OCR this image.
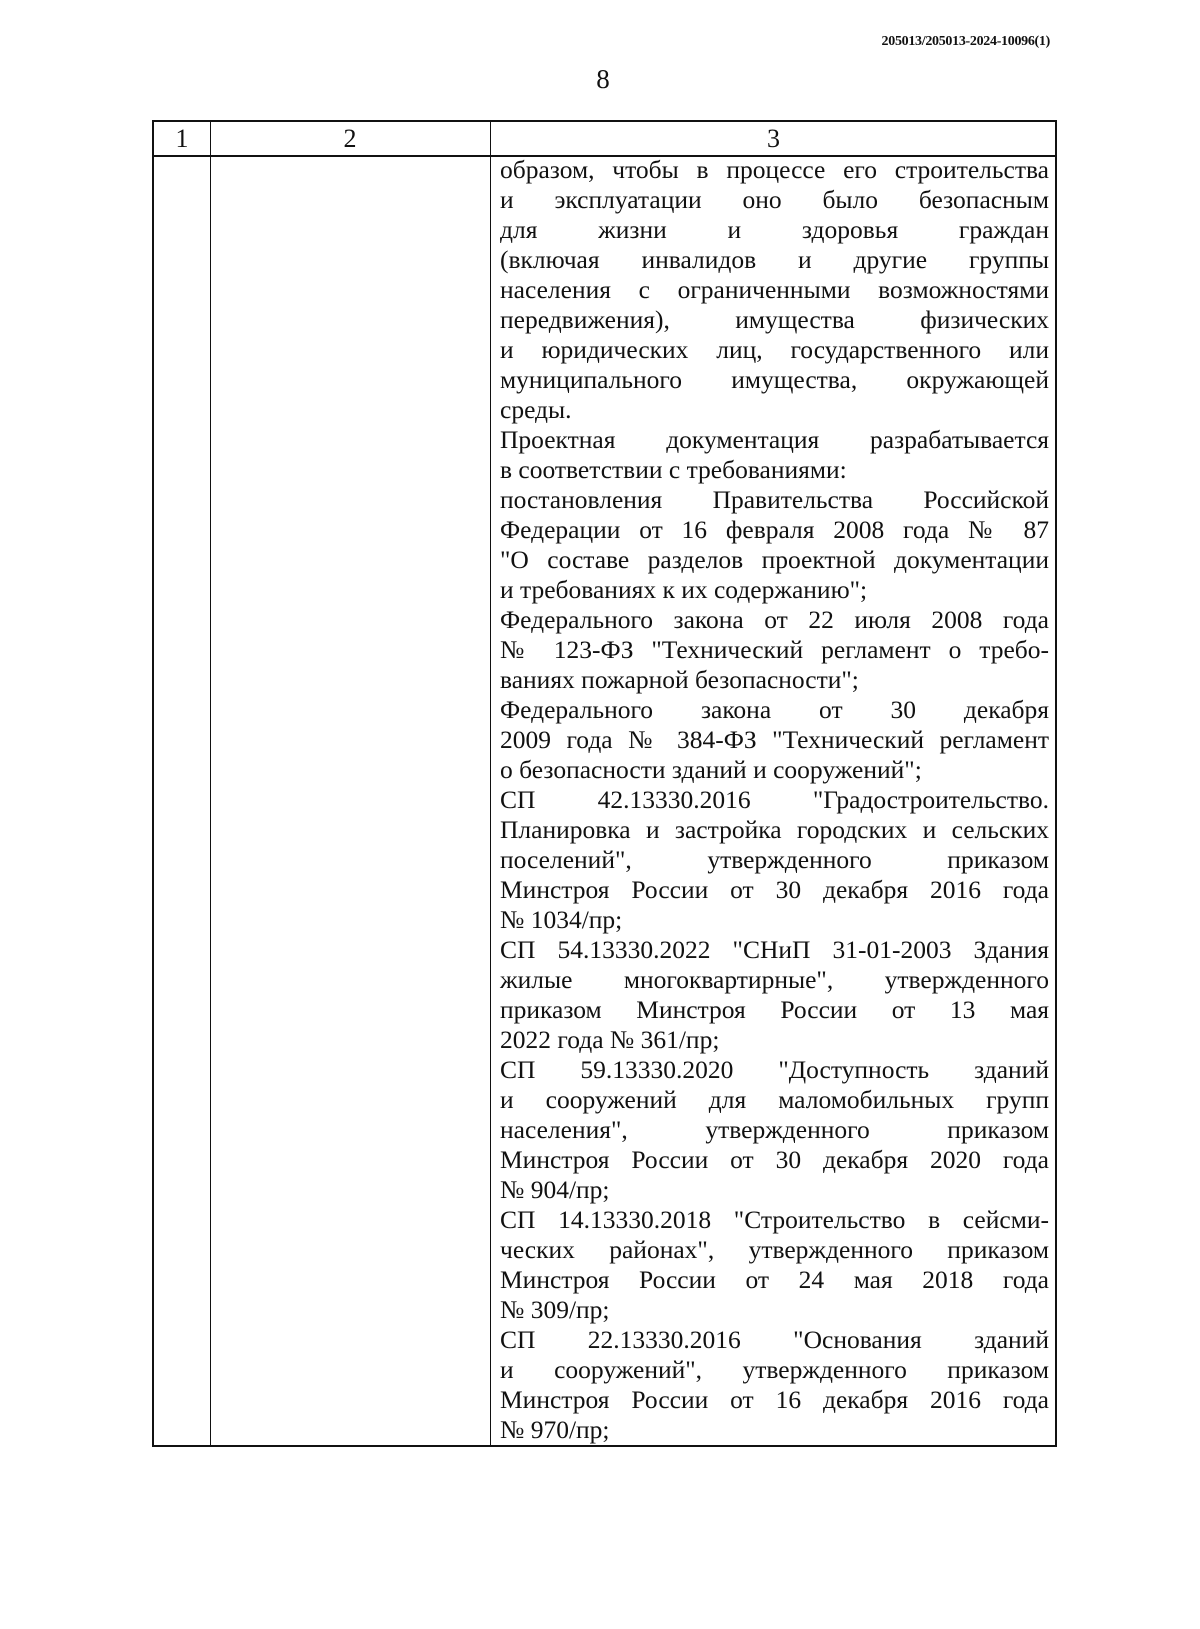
205013/205013-2024-10096(1)
8
1	2	3
образом, чтобы в процессе его строительства
и эксплуатации оно было безопасным
для жизни и здоровья граждан
(включая инвалидов и другие группы
населения с ограниченными возможностями
передвижения), имущества физических
и юридических лиц, государственного или
муниципального имущества, окружающей
среды.
Проектная документация разрабатывается
в соответствии с требованиями:
постановления Правительства Российской
Федерации от 16 февраля 2008 года № 87
"О составе разделов проектной документации
и требованиях к их содержанию";
Федерального закона от 22 июля 2008 года
№ 123-ФЗ "Технический регламент о требо-
ваниях пожарной безопасности";
Федерального закона от 30 декабря
2009 года № 384-ФЗ "Технический регламент
о безопасности зданий и сооружений";
СП 42.13330.2016 "Градостроительство.
Планировка и застройка городских и сельских
поселений", утвержденного приказом
Минстроя России от 30 декабря 2016 года
№ 1034/пр;
СП 54.13330.2022 "СНиП 31-01-2003 Здания
жилые многоквартирные", утвержденного
приказом Минстроя России от 13 мая
2022 года № 361/пр;
СП 59.13330.2020 "Доступность зданий
и сооружений для маломобильных групп
населения", утвержденного приказом
Минстроя России от 30 декабря 2020 года
№ 904/пр;
СП 14.13330.2018 "Строительство в сейсми-
ческих районах", утвержденного приказом
Минстроя России от 24 мая 2018 года
№ 309/пр;
СП 22.13330.2016 "Основания зданий
и сооружений", утвержденного приказом
Минстроя России от 16 декабря 2016 года
№ 970/пр;
